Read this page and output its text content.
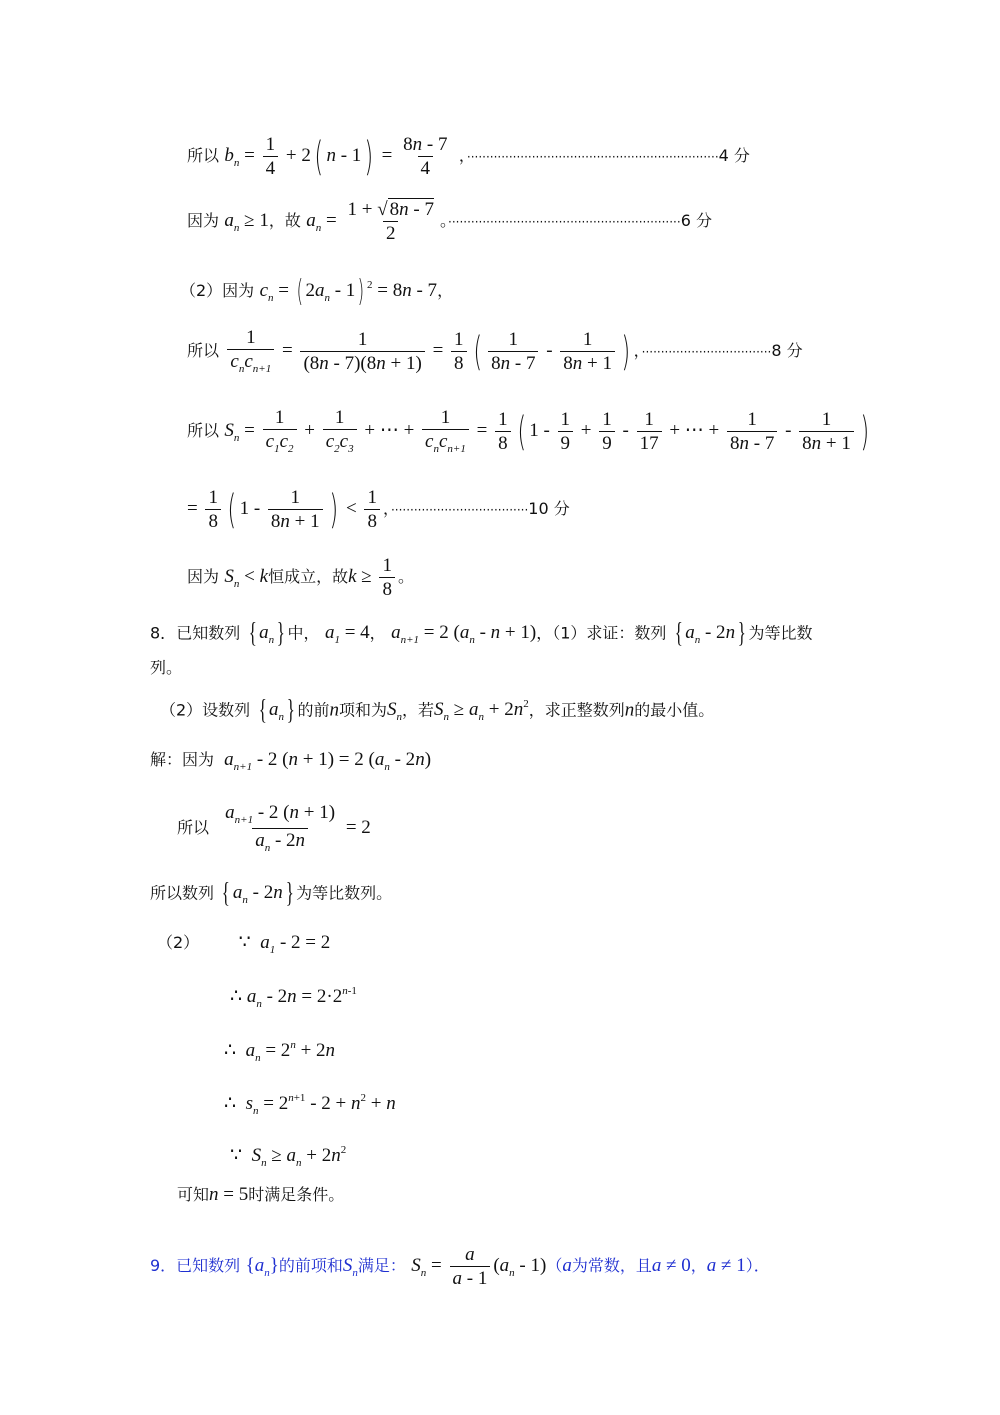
所以 $b_n = \frac{1}{4} + 2$( $n - 1) = \frac{8n - 7}{4}$ ，··································································4 分
因为 $a_n \ge 1$，故 $a_n = \frac{1 + √ 8n - 7}{2}$ 。·····························································6 分
（2）因为 $c_n$ = ( $2a_n - 1$) $^2$ = 8n - 7，
所以 $\frac{1}{c_nc_{n+1}} = \frac{1}{(8n - 7)(8n + 1)} = \frac{1}{8}$ ( $\frac{1}{8n - 7} - \frac{1}{8n + 1}$ ) ，··································8 分
所以 $S_n = \frac{1}{c_1c_2} + \frac{1}{c_2c_3}$ + ⋯ + $\frac{1}{c_nc_{n+1}} = \frac{1}{8}$ ( $1 - \frac{1}{9} + \frac{1}{9} - \frac{1}{17}$ + ⋯ + $\frac{1}{8n - 7} - \frac{1}{8n + 1}$ )
= $\frac{1}{8}$ ( $1 - \frac{1}{8n + 1}$ ) < $\frac{1}{8}$ ，····································10 分
因为 $S_n < k$恒成立，故$k \ge \frac{1}{8}$ 。
8．已知数列 { $a_n$} 中， $a_1 = 4$， $a_{n+1} = 2$ $(a_n - n + 1)$，（1）求证：数列 { $a_n - 2n$} 为等比数
列。
（2）设数列 { $a_n$} 的前n项和为$S_n$，若$S_n \ge a_n + 2n^2$，求正整数列n的最小值。
解：因为 $a_{n+1} - 2$ (n + 1) = 2 $(a_n - 2n)$
所以 $\frac{a_{n+1} - 2 (n + 1)}{a_n - 2n} = 2$
所以数列 { $a_n - 2n$} 为等比数列。
（2） ∵  $a_1 - 2 = 2$
∴ $a_n - 2n = 2\cdot 2^{n-1}$
∴  $a_n = 2^n + 2n$
∴  $s_n = 2^{n+1} - 2 + n^2 + n$
∵  $S_n \ge a_n + 2n^2$
可知n = 5时满足条件。
9．已知数列 $\{a_n\}$的前项和$S_n$满足： $S_n = \frac{a}{a - 1} (a_n - 1)(a$为常数，且a ≠ 0，a ≠ 1）．
